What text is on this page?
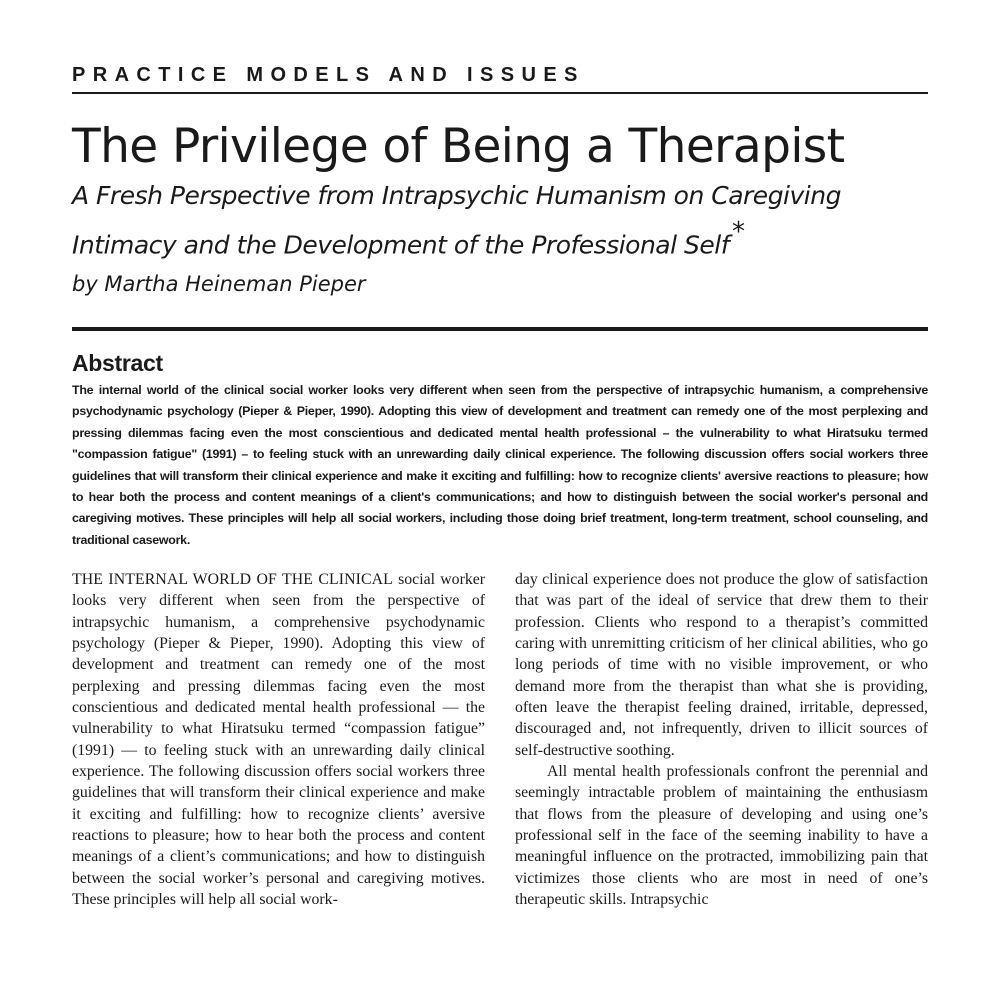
PRACTICE MODELS AND ISSUES
The Privilege of Being a Therapist
A Fresh Perspective from Intrapsychic Humanism on Caregiving Intimacy and the Development of the Professional Self *
by Martha Heineman Pieper
Abstract
The internal world of the clinical social worker looks very different when seen from the perspective of intrapsychic humanism, a comprehensive psychodynamic psychology (Pieper & Pieper, 1990). Adopting this view of development and treatment can remedy one of the most perplexing and pressing dilemmas facing even the most conscientious and dedicated mental health professional – the vulnerability to what Hiratsuku termed "compassion fatigue" (1991) – to feeling stuck with an unrewarding daily clinical experience. The following discussion offers social workers three guidelines that will transform their clinical experience and make it exciting and fulfilling: how to recognize clients' aversive reactions to pleasure; how to hear both the process and content meanings of a client's communications; and how to distinguish between the social worker's personal and caregiving motives. These principles will help all social workers, including those doing brief treatment, long-term treatment, school counseling, and traditional casework.

THE INTERNAL WORLD OF THE CLINICAL social worker looks very different when seen from the perspective of intrapsychic humanism, a comprehensive psychodynamic psychology (Pieper & Pieper, 1990). Adopting this view of development and treatment can remedy one of the most perplexing and pressing dilemmas facing even the most conscientious and dedicated mental health professional — the vulnerability to what Hiratsuku termed “compassion fatigue” (1991) — to feeling stuck with an unrewarding daily clinical experience. The following discussion offers social workers three guidelines that will transform their clinical experience and make it exciting and fulfilling: how to recognize clients’ aversive reactions to pleasure; how to hear both the process and content meanings of a client’s communications; and how to distinguish between the social worker’s personal and caregiving motives. These principles will help all social work-

day clinical experience does not produce the glow of satisfaction that was part of the ideal of service that drew them to their profession. Clients who respond to a therapist’s committed caring with unremitting criticism of her clinical abilities, who go long periods of time with no visible improvement, or who demand more from the therapist than what she is providing, often leave the therapist feeling drained, irritable, depressed, discouraged and, not infrequently, driven to illicit sources of self-destructive soothing.

All mental health professionals confront the perennial and seemingly intractable problem of maintaining the enthusiasm that flows from the pleasure of developing and using one’s professional self in the face of the seeming inability to have a meaningful influence on the protracted, immobilizing pain that victimizes those clients who are most in need of one’s therapeutic skills. Intrapsychic
